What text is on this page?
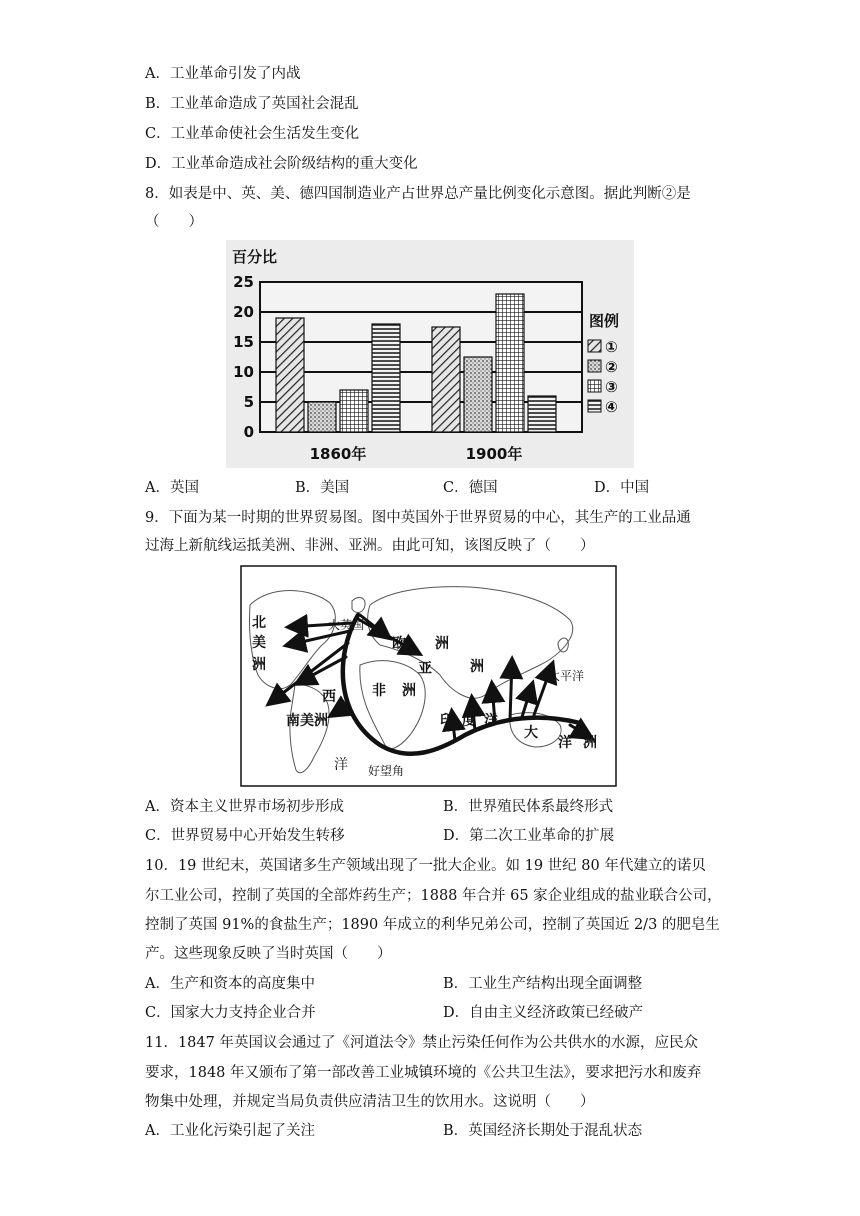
A．工业革命引发了内战
B．工业革命造成了英国社会混乱
C．工业革命使社会生活发生变化
D．工业革命造成社会阶级结构的重大变化
8．如表是中、英、美、德四国制造业产占世界总产量比例变化示意图。据此判断②是
（　　）
百分比
25
20
15
10
5
0
1860年	1900年
图例
①
②
③
④
A．英国	B．美国	C．德国	D．中国
9．下面为某一时期的世界贸易图。图中英国外于世界贸易的中心，其生产的工业品通
过海上新航线运抵美洲、非洲、亚洲。由此可知，该图反映了（　　）
北
美
洲
大英国
欧 洲
亚	洲
太平洋
西	非 洲
南美洲	印 度 洋
大
洋 洲
洋 好望角
A．资本主义世界市场初步形成	B．世界殖民体系最终形式
C．世界贸易中心开始发生转移	D．第二次工业革命的扩展
10．19 世纪末，英国诸多生产领域出现了一批大企业。如 19 世纪 80 年代建立的诺贝
尔工业公司，控制了英国的全部炸药生产；1888 年合并 65 家企业组成的盐业联合公司，
控制了英国 91%的食盐生产；1890 年成立的利华兄弟公司，控制了英国近 2/3 的肥皂生
产。这些现象反映了当时英国（　　）
A．生产和资本的高度集中	B．工业生产结构出现全面调整
C．国家大力支持企业合并	D．自由主义经济政策已经破产
11．1847 年英国议会通过了《河道法令》禁止污染任何作为公共供水的水源，应民众
要求，1848 年又颁布了第一部改善工业城镇环境的《公共卫生法》，要求把污水和废弃
物集中处理，并规定当局负责供应清洁卫生的饮用水。这说明（　　）
A．工业化污染引起了关注	B．英国经济长期处于混乱状态
